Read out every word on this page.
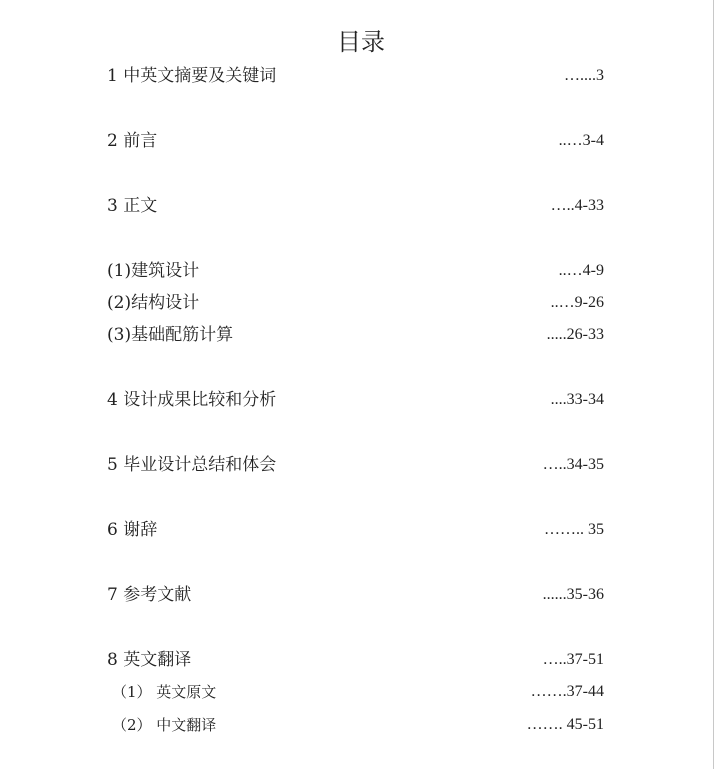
目录
1 中英文摘要及关键词	…....3
2 前言	..…3-4
3 正文	…..4-33
(1)建筑设计	..…4-9
(2)结构设计	..…9-26
(3)基础配筋计算	.....26-33
4 设计成果比较和分析	....33-34
5 毕业设计总结和体会	…..34-35
6 谢辞	…….. 35
7 参考文献	......35-36
8 英文翻译	…..37-51
（1） 英文原文	…….37-44
（2） 中文翻译	……. 45-51
